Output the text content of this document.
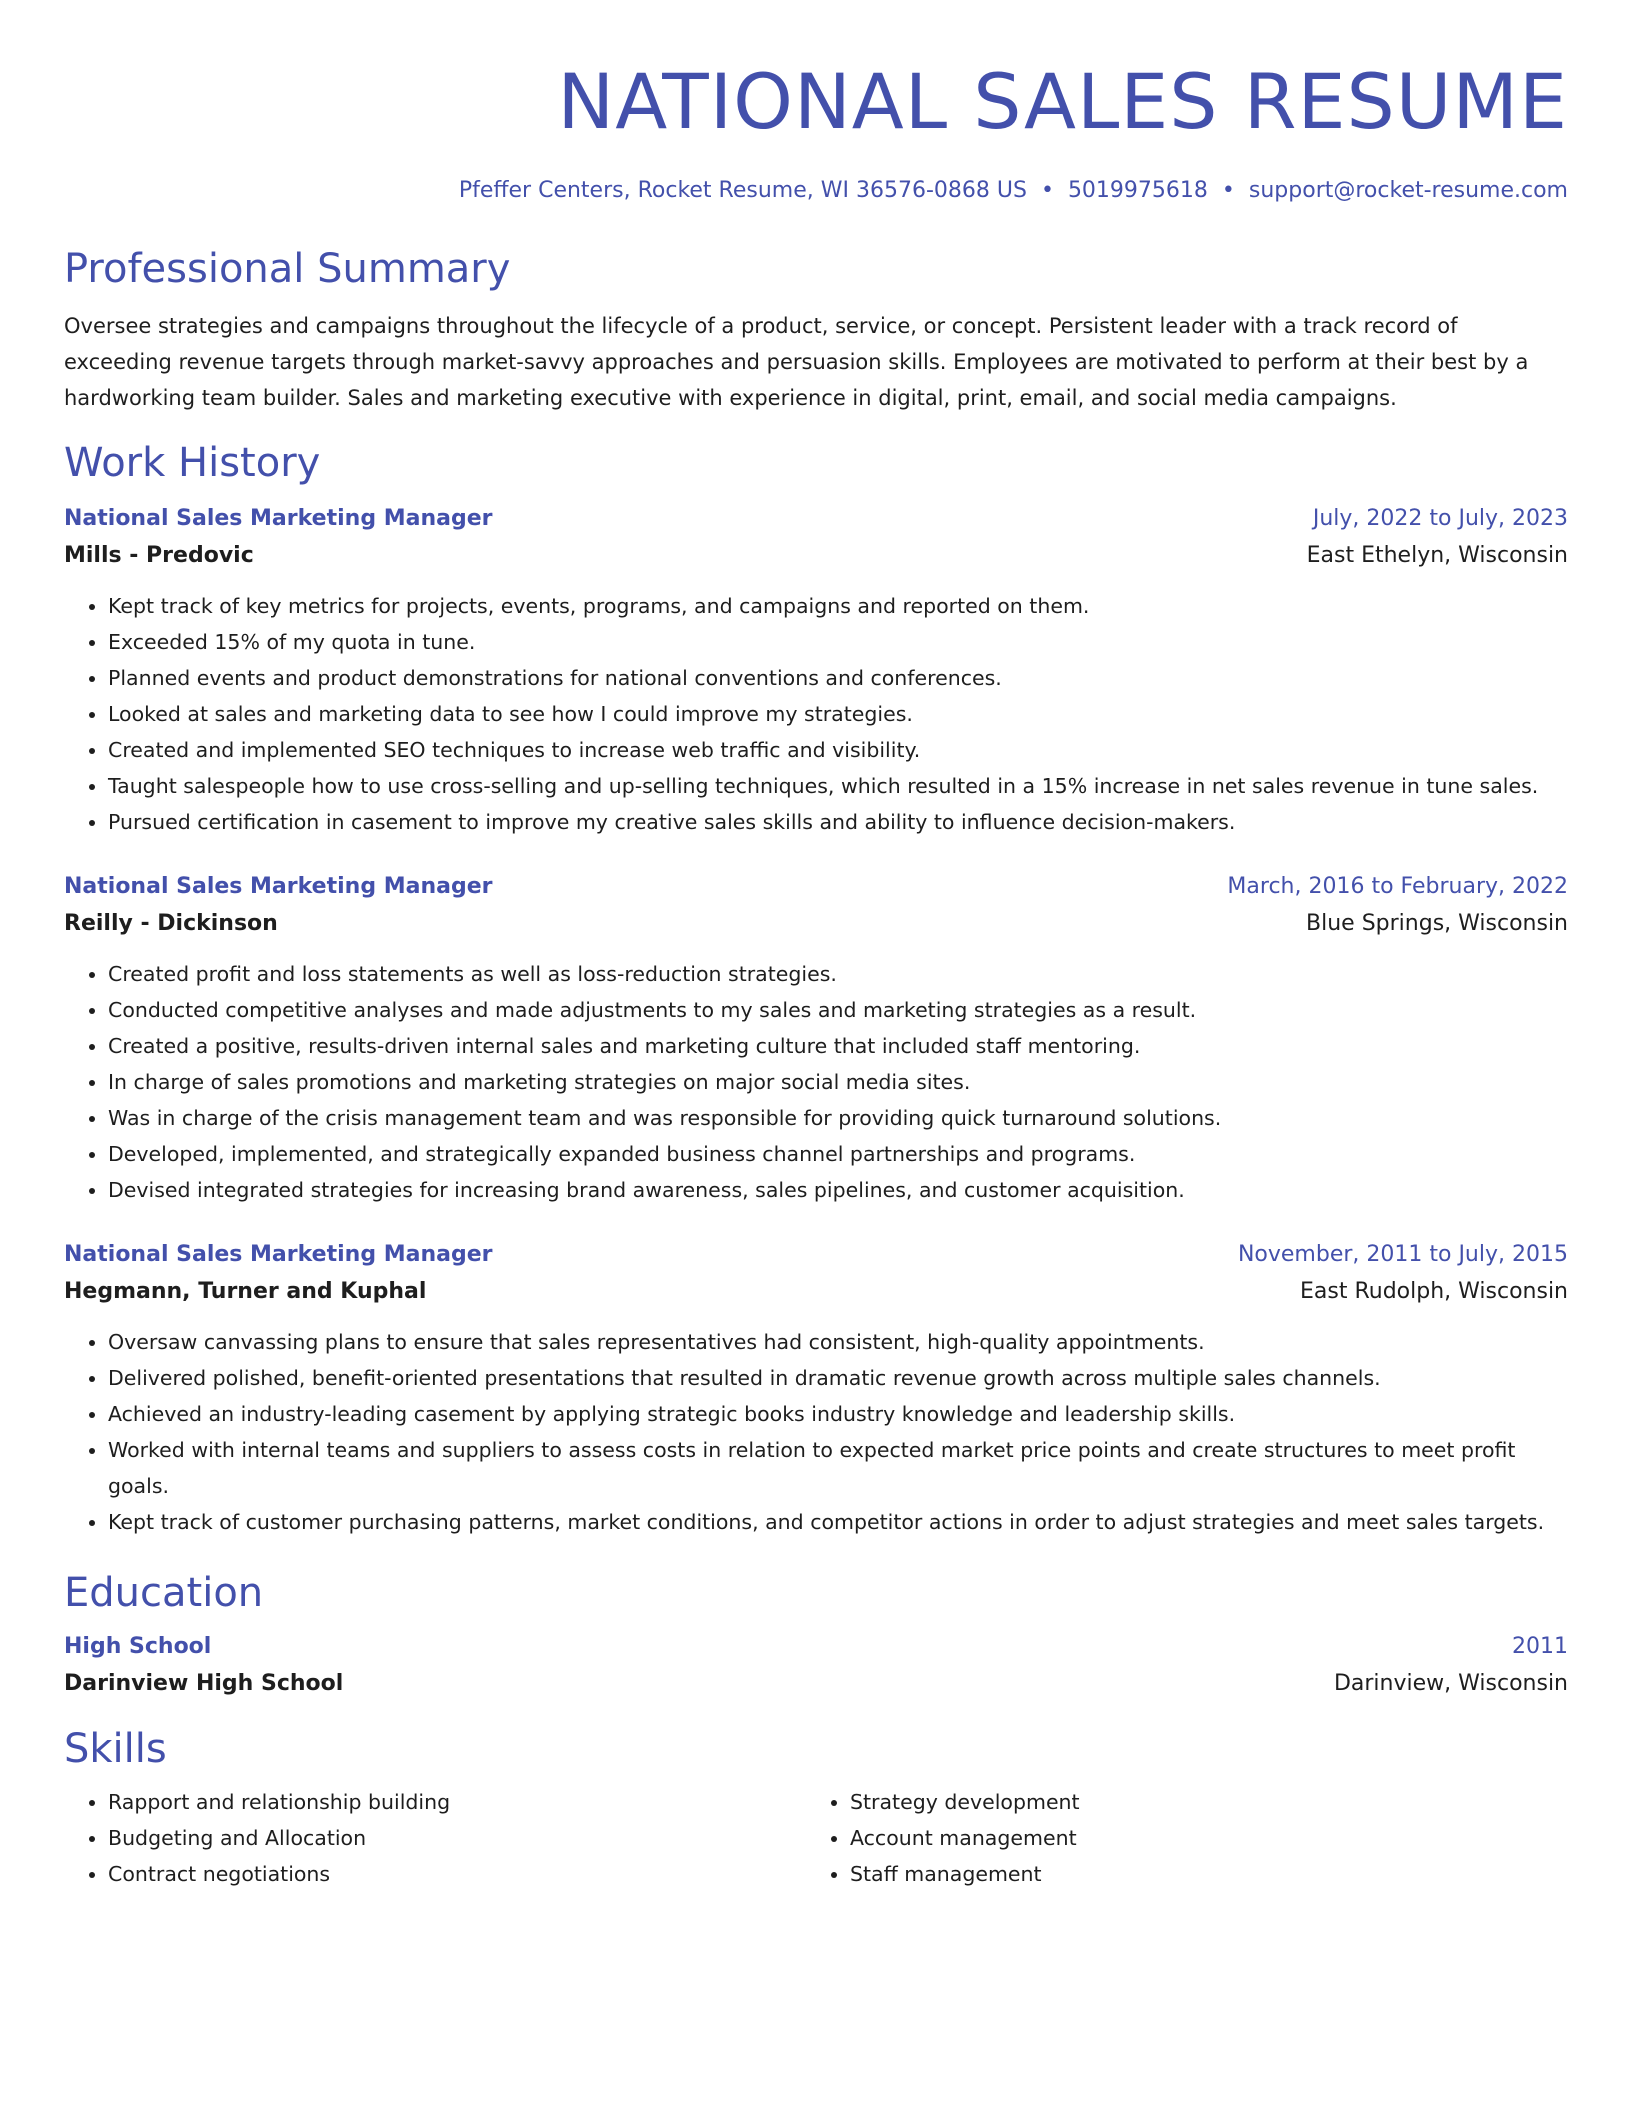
NATIONAL SALES RESUME
Pfeffer Centers, Rocket Resume, WI 36576-0868 US • 5019975618 • support@rocket-resume.com
Professional Summary
Oversee strategies and campaigns throughout the lifecycle of a product, service, or concept. Persistent leader with a track record of exceeding revenue targets through market-savvy approaches and persuasion skills. Employees are motivated to perform at their best by a hardworking team builder. Sales and marketing executive with experience in digital, print, email, and social media campaigns.
Work History
National Sales Marketing Manager	July, 2022 to July, 2023
Mills - Predovic	East Ethelyn, Wisconsin
• Kept track of key metrics for projects, events, programs, and campaigns and reported on them.
• Exceeded 15% of my quota in tune.
• Planned events and product demonstrations for national conventions and conferences.
• Looked at sales and marketing data to see how I could improve my strategies.
• Created and implemented SEO techniques to increase web traffic and visibility.
• Taught salespeople how to use cross-selling and up-selling techniques, which resulted in a 15% increase in net sales revenue in tune sales.
• Pursued certification in casement to improve my creative sales skills and ability to influence decision-makers.
National Sales Marketing Manager	March, 2016 to February, 2022
Reilly - Dickinson	Blue Springs, Wisconsin
• Created profit and loss statements as well as loss-reduction strategies.
• Conducted competitive analyses and made adjustments to my sales and marketing strategies as a result.
• Created a positive, results-driven internal sales and marketing culture that included staff mentoring.
• In charge of sales promotions and marketing strategies on major social media sites.
• Was in charge of the crisis management team and was responsible for providing quick turnaround solutions.
• Developed, implemented, and strategically expanded business channel partnerships and programs.
• Devised integrated strategies for increasing brand awareness, sales pipelines, and customer acquisition.
National Sales Marketing Manager	November, 2011 to July, 2015
Hegmann, Turner and Kuphal	East Rudolph, Wisconsin
• Oversaw canvassing plans to ensure that sales representatives had consistent, high-quality appointments.
• Delivered polished, benefit-oriented presentations that resulted in dramatic revenue growth across multiple sales channels.
• Achieved an industry-leading casement by applying strategic books industry knowledge and leadership skills.
• Worked with internal teams and suppliers to assess costs in relation to expected market price points and create structures to meet profit goals.
• Kept track of customer purchasing patterns, market conditions, and competitor actions in order to adjust strategies and meet sales targets.
Education
High School	2011
Darinview High School	Darinview, Wisconsin
Skills
• Rapport and relationship building
• Budgeting and Allocation
• Contract negotiations
• Strategy development
• Account management
• Staff management
